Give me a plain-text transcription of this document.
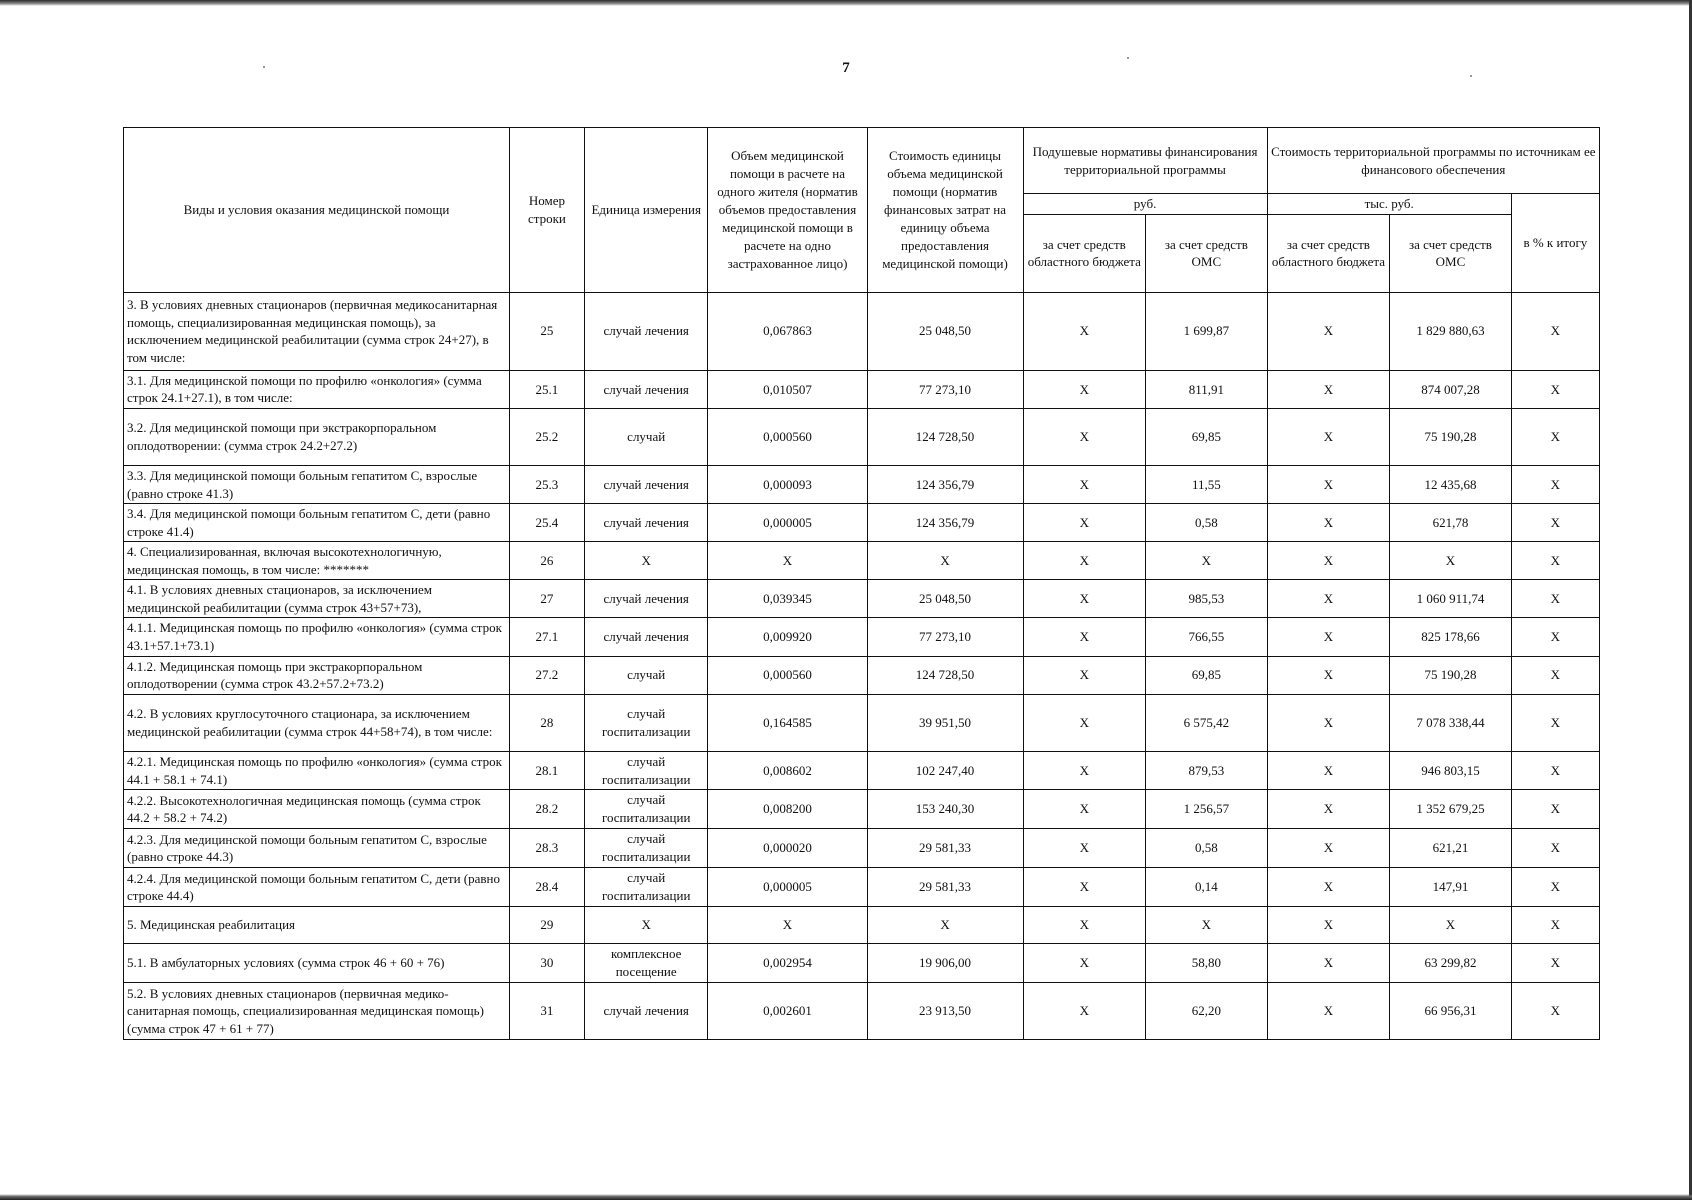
7
Виды и условия оказания медицинской помощи	Номер строки	Единица измерения	Объем медицинской помощи в расчете на одного жителя (норматив объемов предоставления медицинской помощи в расчете на одно застрахованное лицо)	Стоимость единицы объема медицинской помощи (норматив финансовых затрат на единицу объема предоставления медицинской помощи)	Подушевые нормативы финансирования территориальной программы		Стоимость территориальной программы по источникам ее финансового обеспечения		
					руб.		тыс. руб.		в % к итогу
					за счет средств областного бюджета	за счет средств ОМС	за счет средств областного бюджета	за счет средств ОМС	
3. В условиях дневных стационаров (первичная медикосанитарная помощь, специализированная медицинская помощь), за исключением медицинской реабилитации (сумма строк 24+27), в том числе:	25	случай лечения	0,067863	25 048,50	X	1 699,87	X	1 829 880,63	X
3.1. Для медицинской помощи по профилю «онкология» (сумма строк 24.1+27.1), в том числе:	25.1	случай лечения	0,010507	77 273,10	X	811,91	X	874 007,28	X
3.2. Для медицинской помощи при экстракорпоральном оплодотворении: (сумма строк 24.2+27.2)	25.2	случай	0,000560	124 728,50	X	69,85	X	75 190,28	X
3.3. Для медицинской помощи больным гепатитом С, взрослые (равно строке 41.3)	25.3	случай лечения	0,000093	124 356,79	X	11,55	X	12 435,68	X
3.4. Для медицинской помощи больным гепатитом С, дети (равно строке 41.4)	25.4	случай лечения	0,000005	124 356,79	X	0,58	X	621,78	X
4. Специализированная, включая высокотехнологичную, медицинская помощь, в том числе: *******	26	X	X	X	X	X	X	X	X
4.1. В условиях дневных стационаров, за исключением медицинской реабилитации (сумма строк 43+57+73),	27	случай лечения	0,039345	25 048,50	X	985,53	X	1 060 911,74	X
4.1.1. Медицинская помощь по профилю «онкология» (сумма строк 43.1+57.1+73.1)	27.1	случай лечения	0,009920	77 273,10	X	766,55	X	825 178,66	X
4.1.2. Медицинская помощь при экстракорпоральном оплодотворении (сумма строк 43.2+57.2+73.2)	27.2	случай	0,000560	124 728,50	X	69,85	X	75 190,28	X
4.2. В условиях круглосуточного стационара, за исключением медицинской реабилитации (сумма строк 44+58+74), в том числе:	28	случай госпитализации	0,164585	39 951,50	X	6 575,42	X	7 078 338,44	X
4.2.1. Медицинская помощь по профилю «онкология» (сумма строк 44.1 + 58.1 + 74.1)	28.1	случай госпитализации	0,008602	102 247,40	X	879,53	X	946 803,15	X
4.2.2. Высокотехнологичная медицинская помощь (сумма строк 44.2 + 58.2 + 74.2)	28.2	случай госпитализации	0,008200	153 240,30	X	1 256,57	X	1 352 679,25	X
4.2.3. Для медицинской помощи больным гепатитом С, взрослые (равно строке 44.3)	28.3	случай госпитализации	0,000020	29 581,33	X	0,58	X	621,21	X
4.2.4. Для медицинской помощи больным гепатитом С, дети (равно строке 44.4)	28.4	случай госпитализации	0,000005	29 581,33	X	0,14	X	147,91	X
5. Медицинская реабилитация	29	X	X	X	X	X	X	X	X
5.1. В амбулаторных условиях (сумма строк 46 + 60 + 76)	30	комплексное посещение	0,002954	19 906,00	X	58,80	X	63 299,82	X
5.2. В условиях дневных стационаров (первичная медико-санитарная помощь, специализированная медицинская помощь) (сумма строк 47 + 61 + 77)	31	случай лечения	0,002601	23 913,50	X	62,20	X	66 956,31	X
